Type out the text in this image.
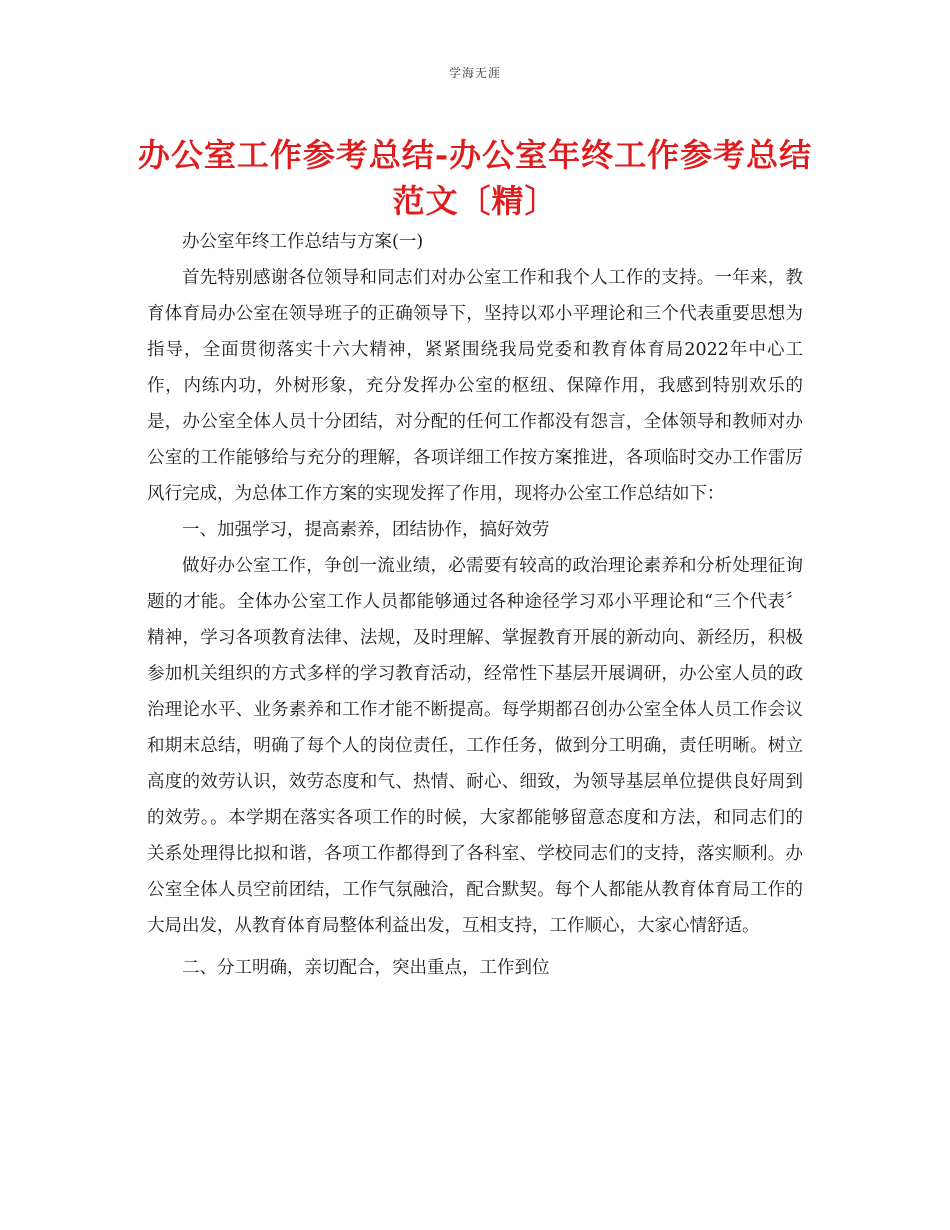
学海无涯
办公室工作参考总结-办公室年终工作参考总结
范文〔精〕

办公室年终工作总结与方案(一)

首先特别感谢各位领导和同志们对办公室工作和我个人工作的支持。一年来，教育体育局办公室在领导班子的正确领导下，坚持以邓小平理论和三个代表重要思想为指导，全面贯彻落实十六大精神，紧紧围绕我局党委和教育体育局2022年中心工作，内练内功，外树形象，充分发挥办公室的枢纽、保障作用，我感到特别欢乐的是，办公室全体人员十分团结，对分配的任何工作都没有怨言，全体领导和教师对办公室的工作能够给与充分的理解，各项详细工作按方案推进，各项临时交办工作雷厉风行完成，为总体工作方案的实现发挥了作用，现将办公室工作总结如下：

一、加强学习，提高素养，团结协作，搞好效劳

做好办公室工作，争创一流业绩，必需要有较高的政治理论素养和分析处理征询题的才能。全体办公室工作人员都能够通过各种途径学习邓小平理论和“三个代表〞精神，学习各项教育法律、法规，及时理解、掌握教育开展的新动向、新经历，积极参加机关组织的方式多样的学习教育活动，经常性下基层开展调研，办公室人员的政治理论水平、业务素养和工作才能不断提高。每学期都召创办公室全体人员工作会议和期末总结，明确了每个人的岗位责任，工作任务，做到分工明确，责任明晰。树立高度的效劳认识，效劳态度和气、热情、耐心、细致，为领导基层单位提供良好周到的效劳。。本学期在落实各项工作的时候，大家都能够留意态度和方法，和同志们的关系处理得比拟和谐，各项工作都得到了各科室、学校同志们的支持，落实顺利。办公室全体人员空前团结，工作气氛融洽，配合默契。每个人都能从教育体育局工作的大局出发，从教育体育局整体利益出发，互相支持，工作顺心，大家心情舒适。

二、分工明确，亲切配合，突出重点，工作到位
